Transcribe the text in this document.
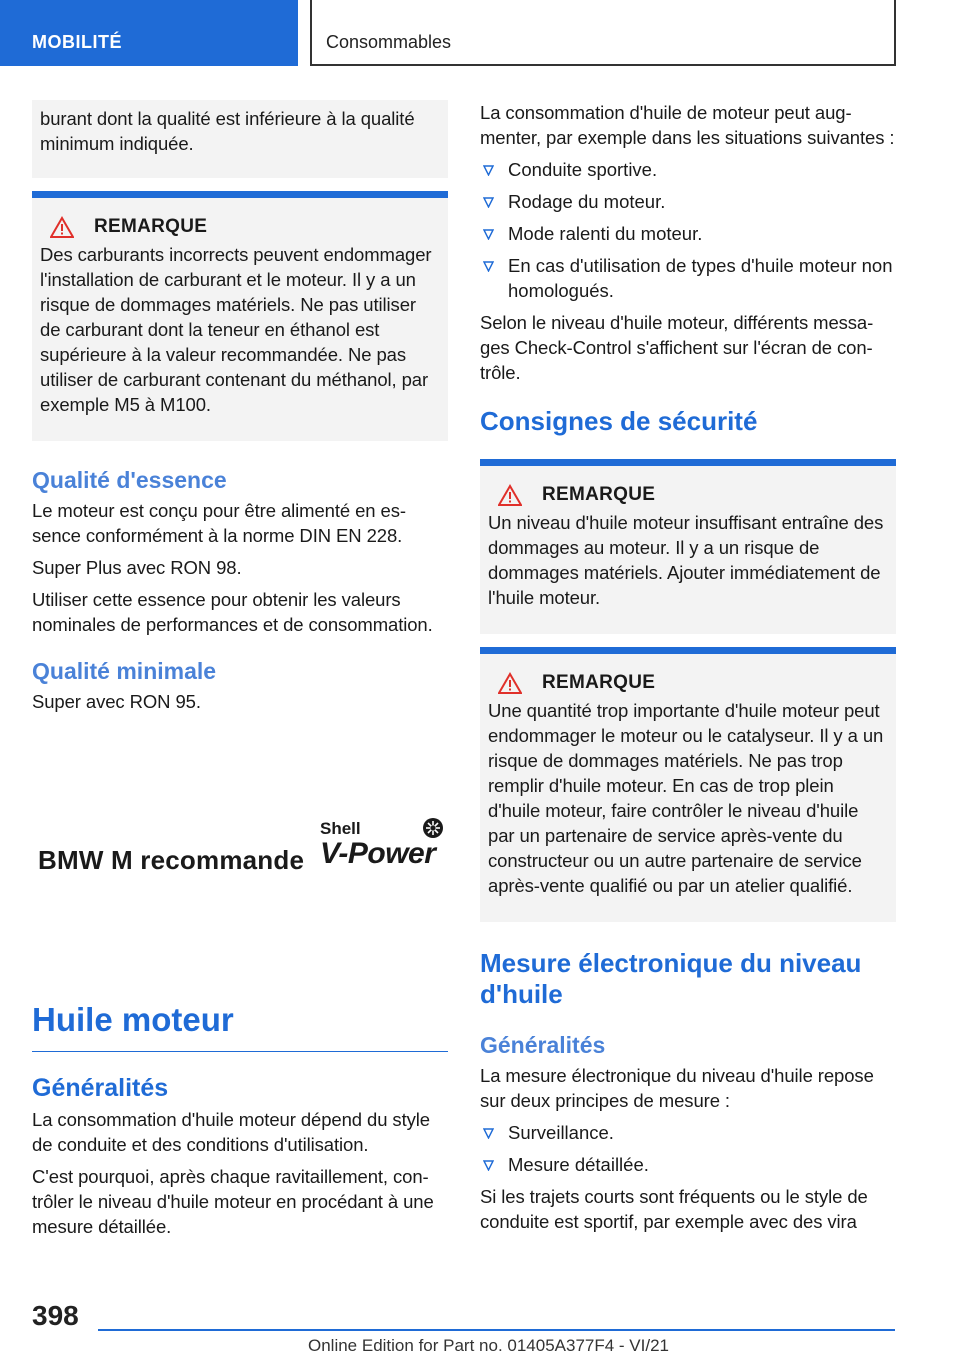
MOBILITÉ	Consommables

burant dont la qualité est inférieure à la qualité minimum indiquée.

REMARQUE

Des carburants incorrects peuvent endommager l'installation de carburant et le moteur. Il y a un risque de dommages matériels. Ne pas utiliser de carburant dont la teneur en éthanol est supérieure à la valeur recommandée. Ne pas utiliser de carburant contenant du méthanol, par exemple M5 à M100.

Qualité d'essence

Le moteur est conçu pour être alimenté en essence conformément à la norme DIN EN 228.

Super Plus avec RON 98.

Utiliser cette essence pour obtenir les valeurs nominales de performances et de consommation.

Qualité minimale

Super avec RON 95.

BMW M recommande
Shell
V-Power
Huile moteur
Généralités

La consommation d'huile moteur dépend du style de conduite et des conditions d'utilisation.

C'est pourquoi, après chaque ravitaillement, contrôler le niveau d'huile moteur en procédant à une mesure détaillée.

La consommation d'huile de moteur peut augmenter, par exemple dans les situations suivantes :

Conduite sportive.
Rodage du moteur.
Mode ralenti du moteur.
En cas d'utilisation de types d'huile moteur non homologués.

Selon le niveau d'huile moteur, différents messages Check-Control s'affichent sur l'écran de contrôle.

Consignes de sécurité
REMARQUE

Un niveau d'huile moteur insuffisant entraîne des dommages au moteur. Il y a un risque de dommages matériels. Ajouter immédiatement de l'huile moteur.

REMARQUE

Une quantité trop importante d'huile moteur peut endommager le moteur ou le catalyseur. Il y a un risque de dommages matériels. Ne pas trop remplir d'huile moteur. En cas de trop plein d'huile moteur, faire contrôler le niveau d'huile par un partenaire de service après-vente du constructeur ou un autre partenaire de service après-vente qualifié ou par un atelier qualifié.

Mesure électronique du niveau d'huile
Généralités

La mesure électronique du niveau d'huile repose sur deux principes de mesure :

Surveillance.
Mesure détaillée.

Si les trajets courts sont fréquents ou le style de conduite est sportif, par exemple avec des vira

398
Online Edition for Part no. 01405A377F4 - VI/21
